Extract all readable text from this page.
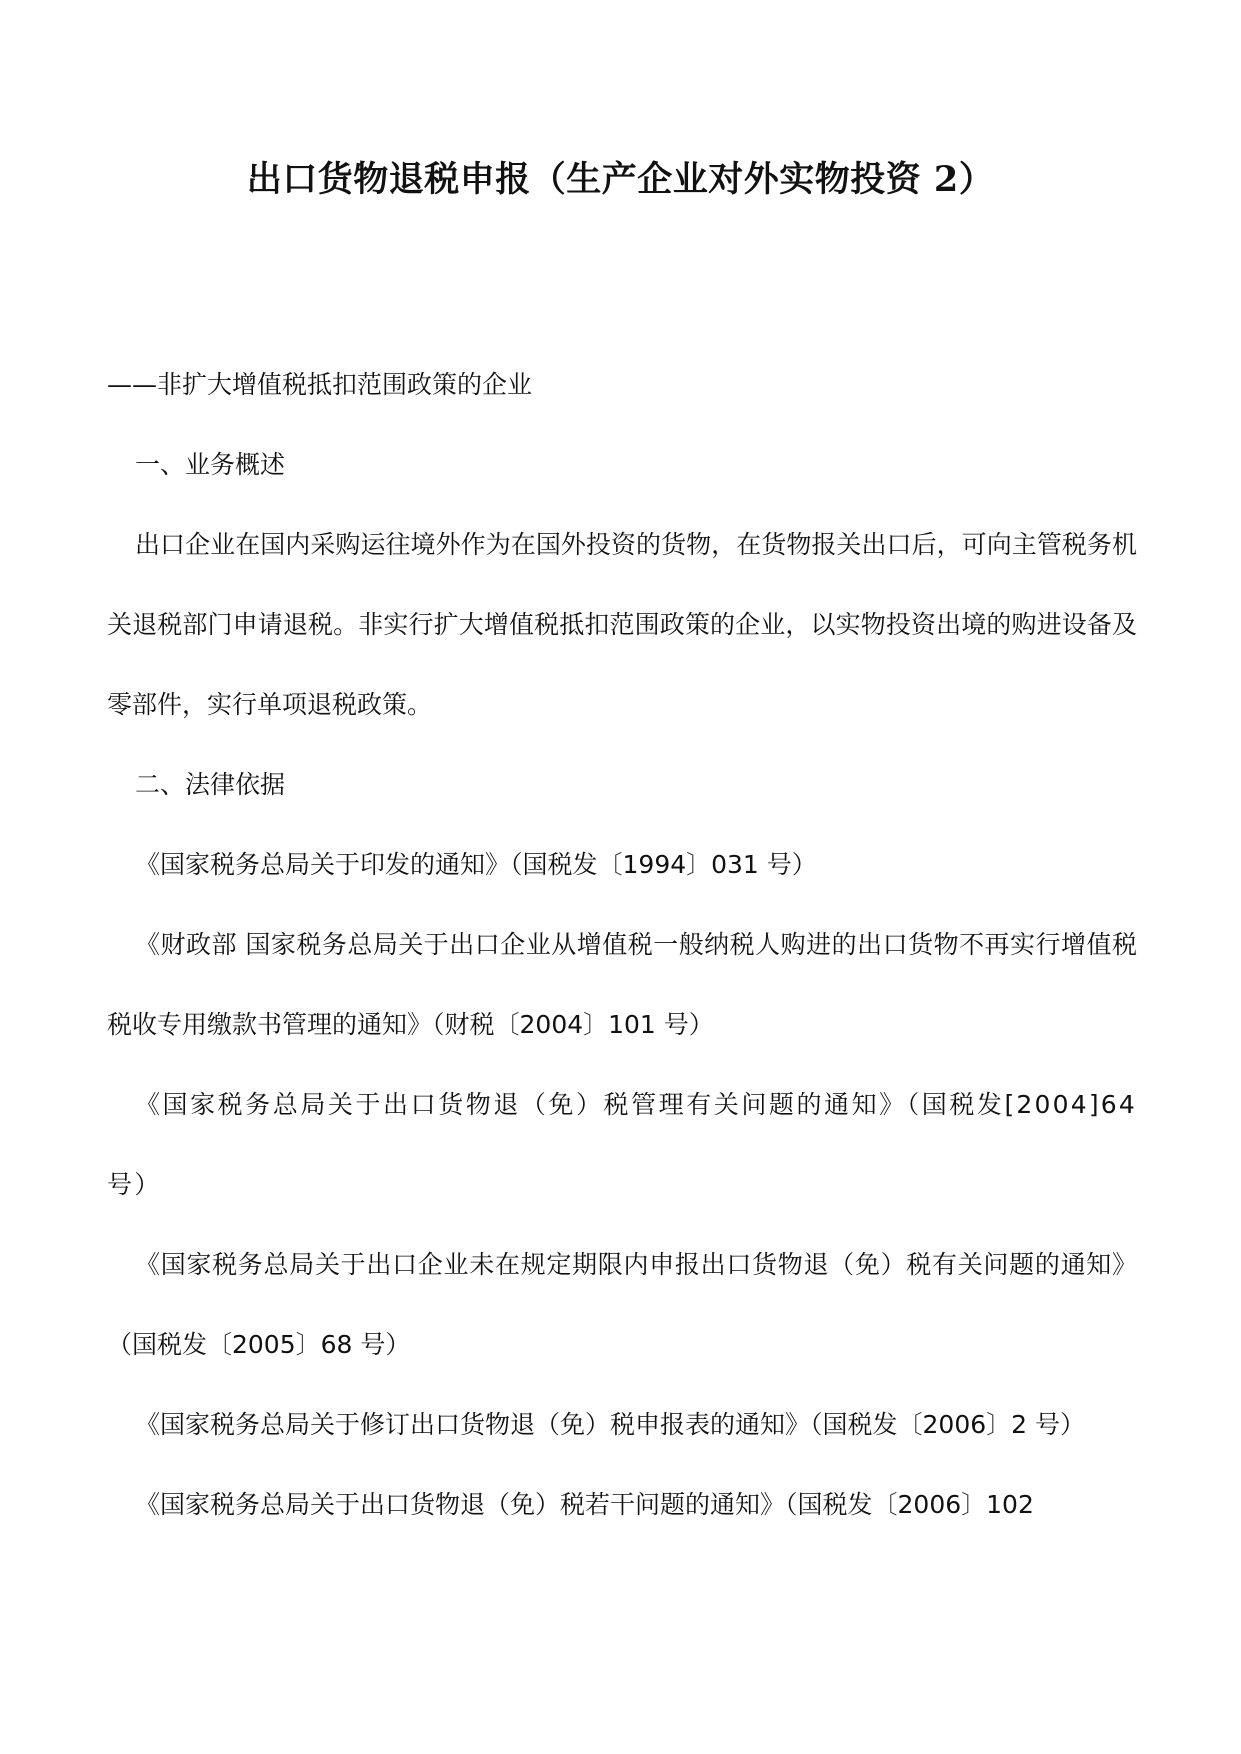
出口货物退税申报（生产企业对外实物投资 2）

——非扩大增值税抵扣范围政策的企业

一、业务概述

出口企业在国内采购运往境外作为在国外投资的货物，在货物报关出口后，可向主管税务机关退税部门申请退税。非实行扩大增值税抵扣范围政策的企业，以实物投资出境的购进设备及零部件，实行单项退税政策。

二、法律依据

《国家税务总局关于印发的通知》（国税发〔1994〕031 号）

《财政部 国家税务总局关于出口企业从增值税一般纳税人购进的出口货物不再实行增值税税收专用缴款书管理的通知》（财税〔2004〕101 号）

《国家税务总局关于出口货物退（免）税管理有关问题的通知》（国税发[2004]64 号）

《国家税务总局关于出口企业未在规定期限内申报出口货物退（免）税有关问题的通知》（国税发〔2005〕68 号）

《国家税务总局关于修订出口货物退（免）税申报表的通知》（国税发〔2006〕2 号）

《国家税务总局关于出口货物退（免）税若干问题的通知》（国税发〔2006〕102
